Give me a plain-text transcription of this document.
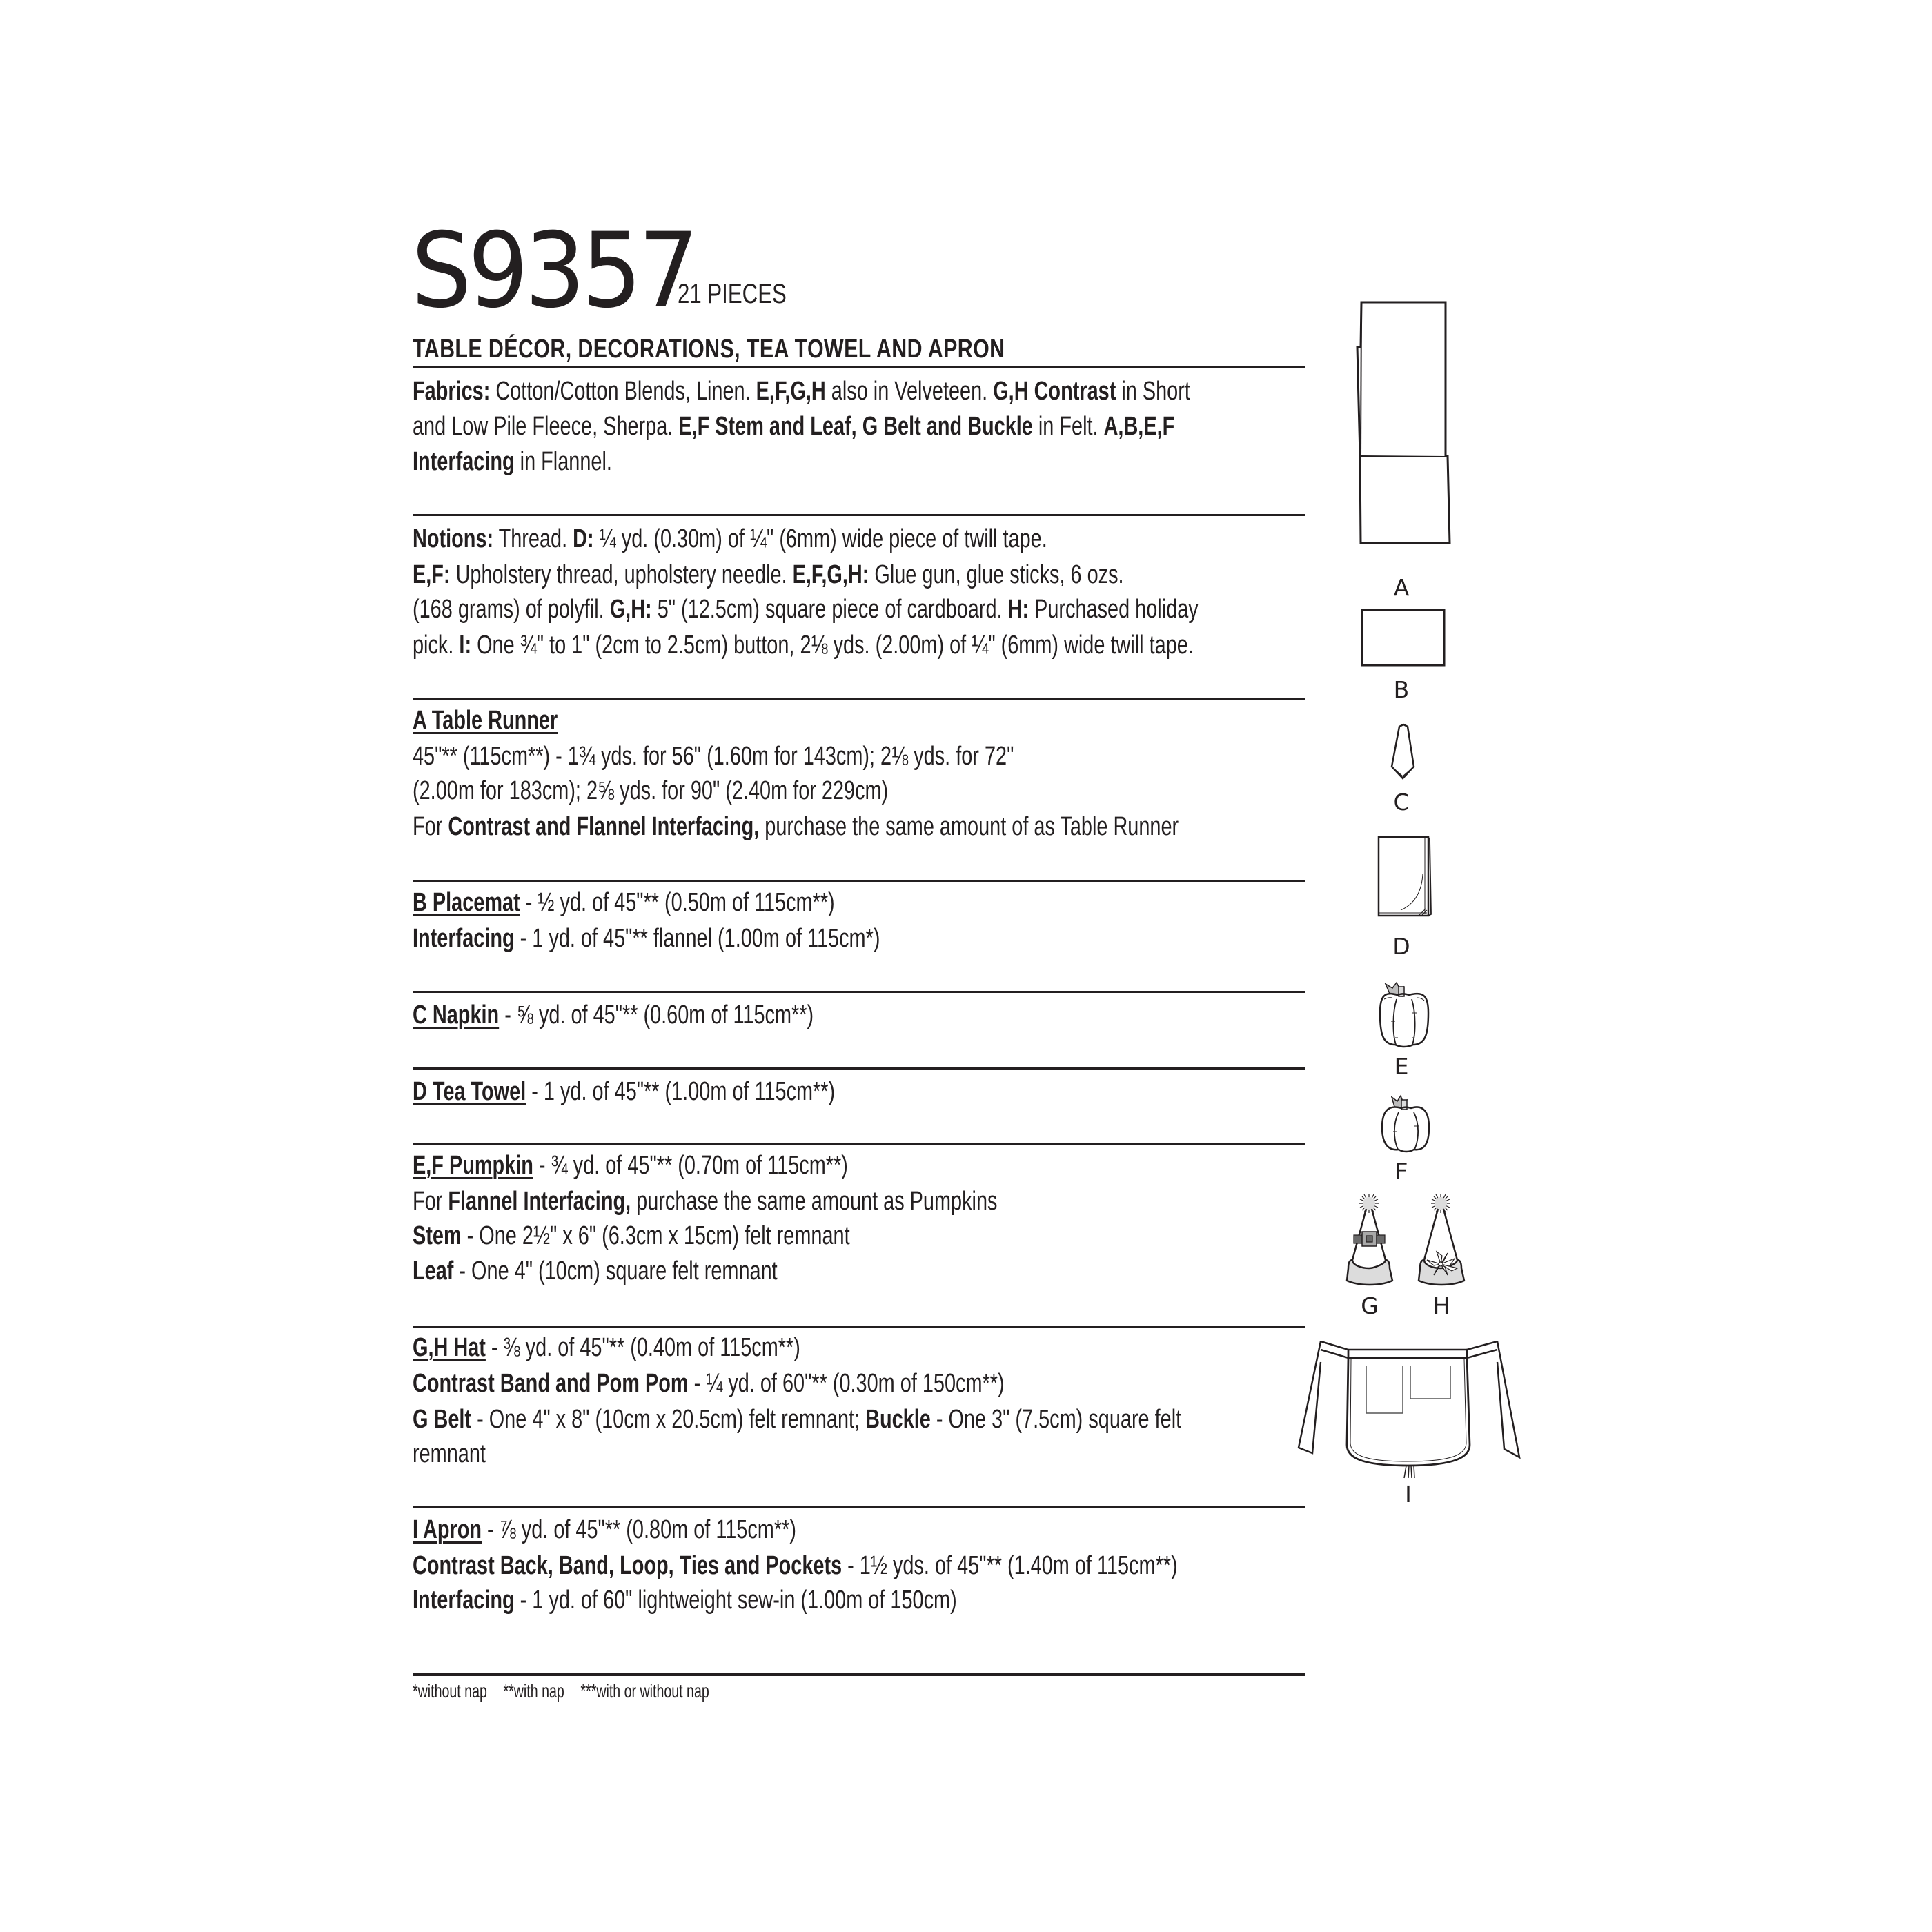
S9357
21 PIECES
TABLE DÉCOR, DECORATIONS, TEA TOWEL AND APRON
Fabrics: Cotton/Cotton Blends, Linen. E,F,G,H also in Velveteen. G,H Contrast in Short
and Low Pile Fleece, Sherpa. E,F Stem and Leaf, G Belt and Buckle in Felt. A,B,E,F
Interfacing in Flannel.
Notions: Thread. D: ¼ yd. (0.30m) of ¼" (6mm) wide piece of twill tape.
E,F: Upholstery thread, upholstery needle. E,F,G,H: Glue gun, glue sticks, 6 ozs.
(168 grams) of polyfil. G,H: 5" (12.5cm) square piece of cardboard. H: Purchased holiday
pick. I: One ¾" to 1" (2cm to 2.5cm) button, 2⅛ yds. (2.00m) of ¼" (6mm) wide twill tape.
A Table Runner
45"** (115cm**) - 1¾ yds. for 56" (1.60m for 143cm); 2⅛ yds. for 72"
(2.00m for 183cm); 2⅝ yds. for 90" (2.40m for 229cm)
For Contrast and Flannel Interfacing, purchase the same amount of as Table Runner
B Placemat - ½ yd. of 45"** (0.50m of 115cm**)
Interfacing - 1 yd. of 45"** flannel (1.00m of 115cm*)
C Napkin - ⅝ yd. of 45"** (0.60m of 115cm**)
D Tea Towel - 1 yd. of 45"** (1.00m of 115cm**)
E,F Pumpkin - ¾ yd. of 45"** (0.70m of 115cm**)
For Flannel Interfacing, purchase the same amount as Pumpkins
Stem - One 2½" x 6" (6.3cm x 15cm) felt remnant
Leaf - One 4" (10cm) square felt remnant
G,H Hat - ⅜ yd. of 45"** (0.40m of 115cm**)
Contrast Band and Pom Pom - ¼ yd. of 60"** (0.30m of 150cm**)
G Belt - One 4" x 8" (10cm x 20.5cm) felt remnant; Buckle - One 3" (7.5cm) square felt
remnant
I Apron - ⅞ yd. of 45"** (0.80m of 115cm**)
Contrast Back, Band, Loop, Ties and Pockets - 1½ yds. of 45"** (1.40m of 115cm**)
Interfacing - 1 yd. of 60" lightweight sew-in (1.00m of 150cm)
*without nap **with nap ***with or without nap
A
B
C
D
E
F
G	H
I
